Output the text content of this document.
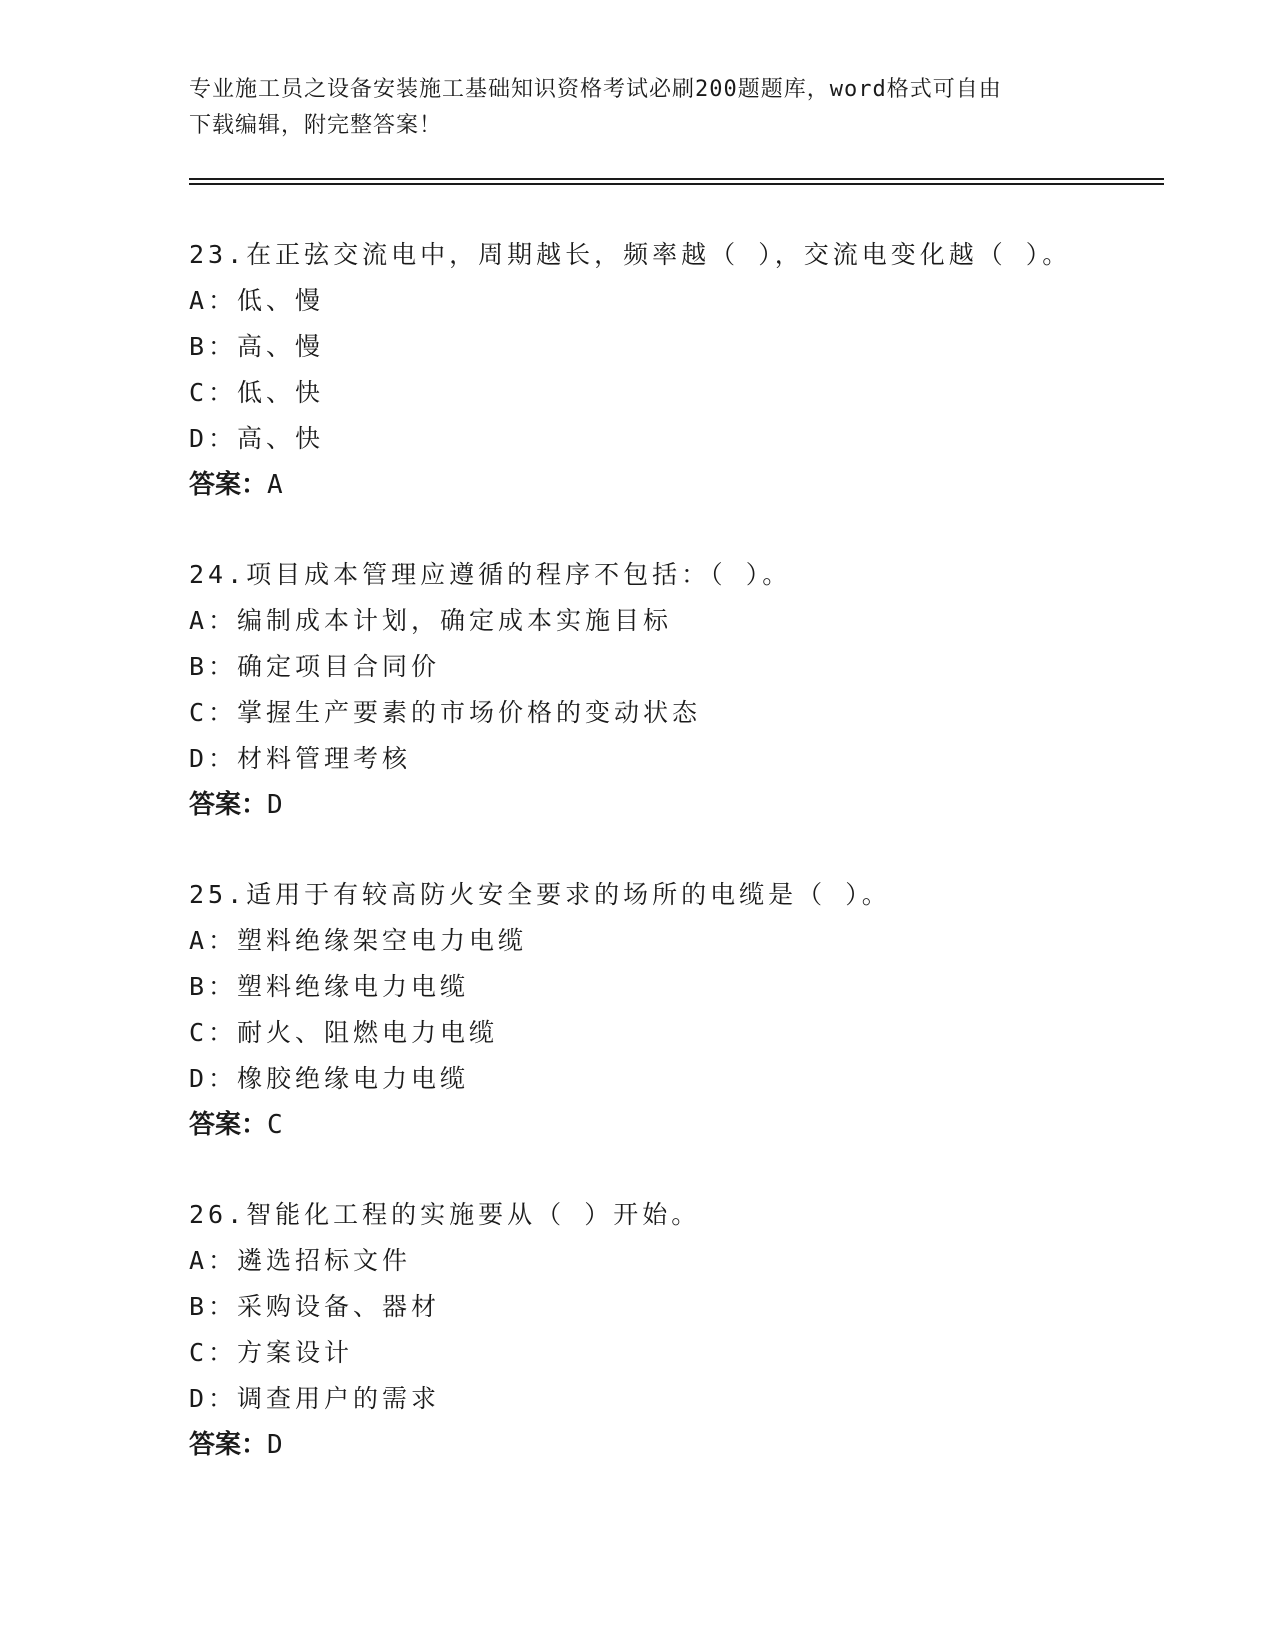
专业施工员之设备安装施工基础知识资格考试必刷200题题库，word格式可自由
下载编辑，附完整答案！
23.在正弦交流电中，周期越长，频率越（ ），交流电变化越（ ）。
A：低、慢
B：高、慢
C：低、快
D：高、快
答案：A
24.项目成本管理应遵循的程序不包括：（ ）。
A：编制成本计划，确定成本实施目标
B：确定项目合同价
C：掌握生产要素的市场价格的变动状态
D：材料管理考核
答案：D
25.适用于有较高防火安全要求的场所的电缆是（ ）。
A：塑料绝缘架空电力电缆
B：塑料绝缘电力电缆
C：耐火、阻燃电力电缆
D：橡胶绝缘电力电缆
答案：C
26.智能化工程的实施要从（ ）开始。
A：遴选招标文件
B：采购设备、器材
C：方案设计
D：调查用户的需求
答案：D
